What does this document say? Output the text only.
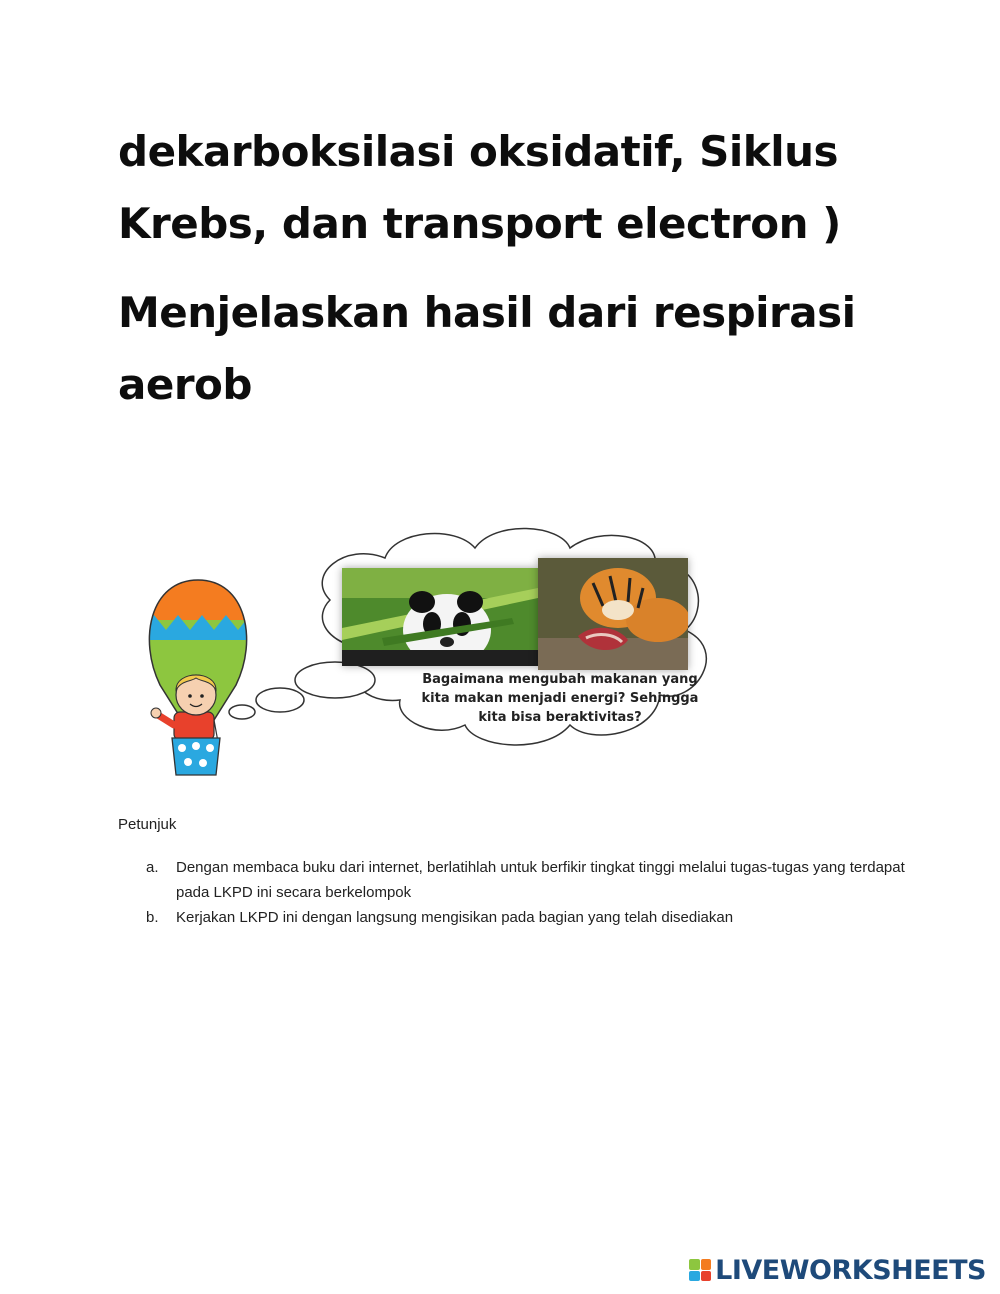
dekarboksilasi oksidatif, Siklus Krebs, dan transport electron )
Menjelaskan hasil dari respirasi aerob
Bagaimana mengubah makanan yang kita makan menjadi energi? Sehingga kita bisa beraktivitas?
Petunjuk
a. Dengan membaca buku dari internet, berlatihlah untuk berfikir tingkat tinggi melalui tugas-tugas yang terdapat pada LKPD ini secara berkelompok
b. Kerjakan LKPD ini dengan langsung mengisikan pada bagian yang telah disediakan
LIVEWORKSHEETS
